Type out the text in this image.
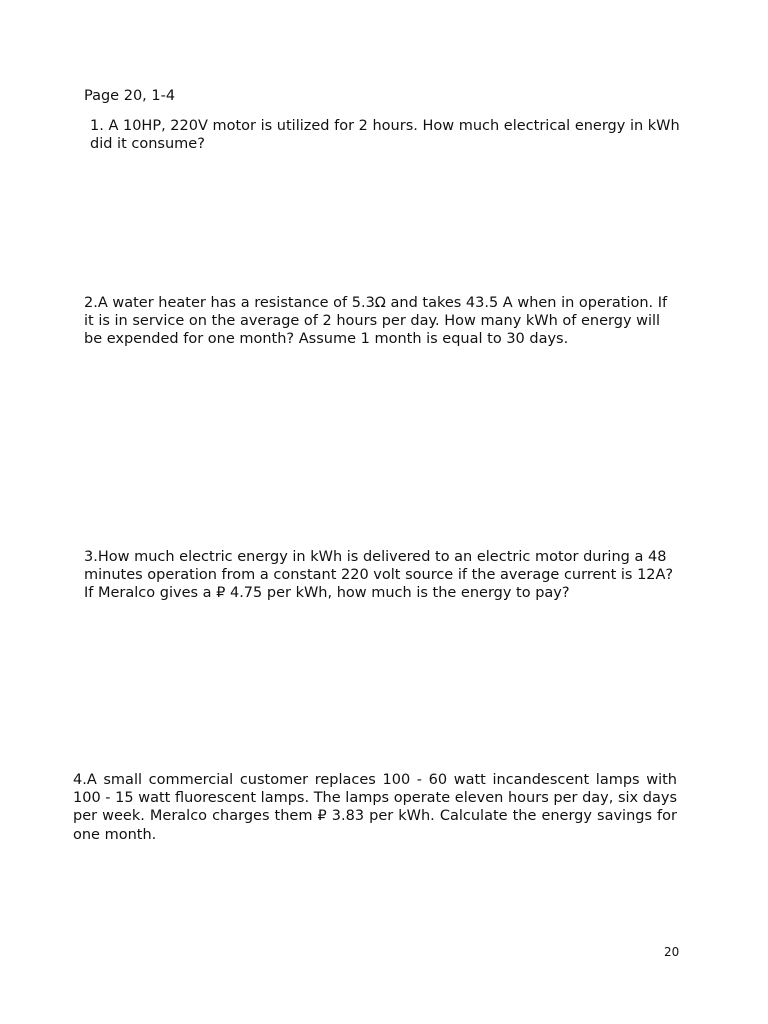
Page 20, 1-4

1. A 10HP, 220V motor is utilized for 2 hours. How much electrical energy in kWh did it consume?

2.A water heater has a resistance of 5.3Ω and takes 43.5 A when in operation. If it is in service on the average of 2 hours per day. How many kWh of energy will be expended for one month? Assume 1 month is equal to 30 days.

3.How much electric energy in kWh is delivered to an electric motor during a 48 minutes operation from a constant 220 volt source if the average current is 12A? If Meralco gives a ₽ 4.75 per kWh, how much is the energy to pay?

4.A small commercial customer replaces 100 - 60 watt incandescent lamps with 100 - 15 watt fluorescent lamps. The lamps operate eleven hours per day, six days per week. Meralco charges them ₽ 3.83 per kWh. Calculate the energy savings for one month.

20
